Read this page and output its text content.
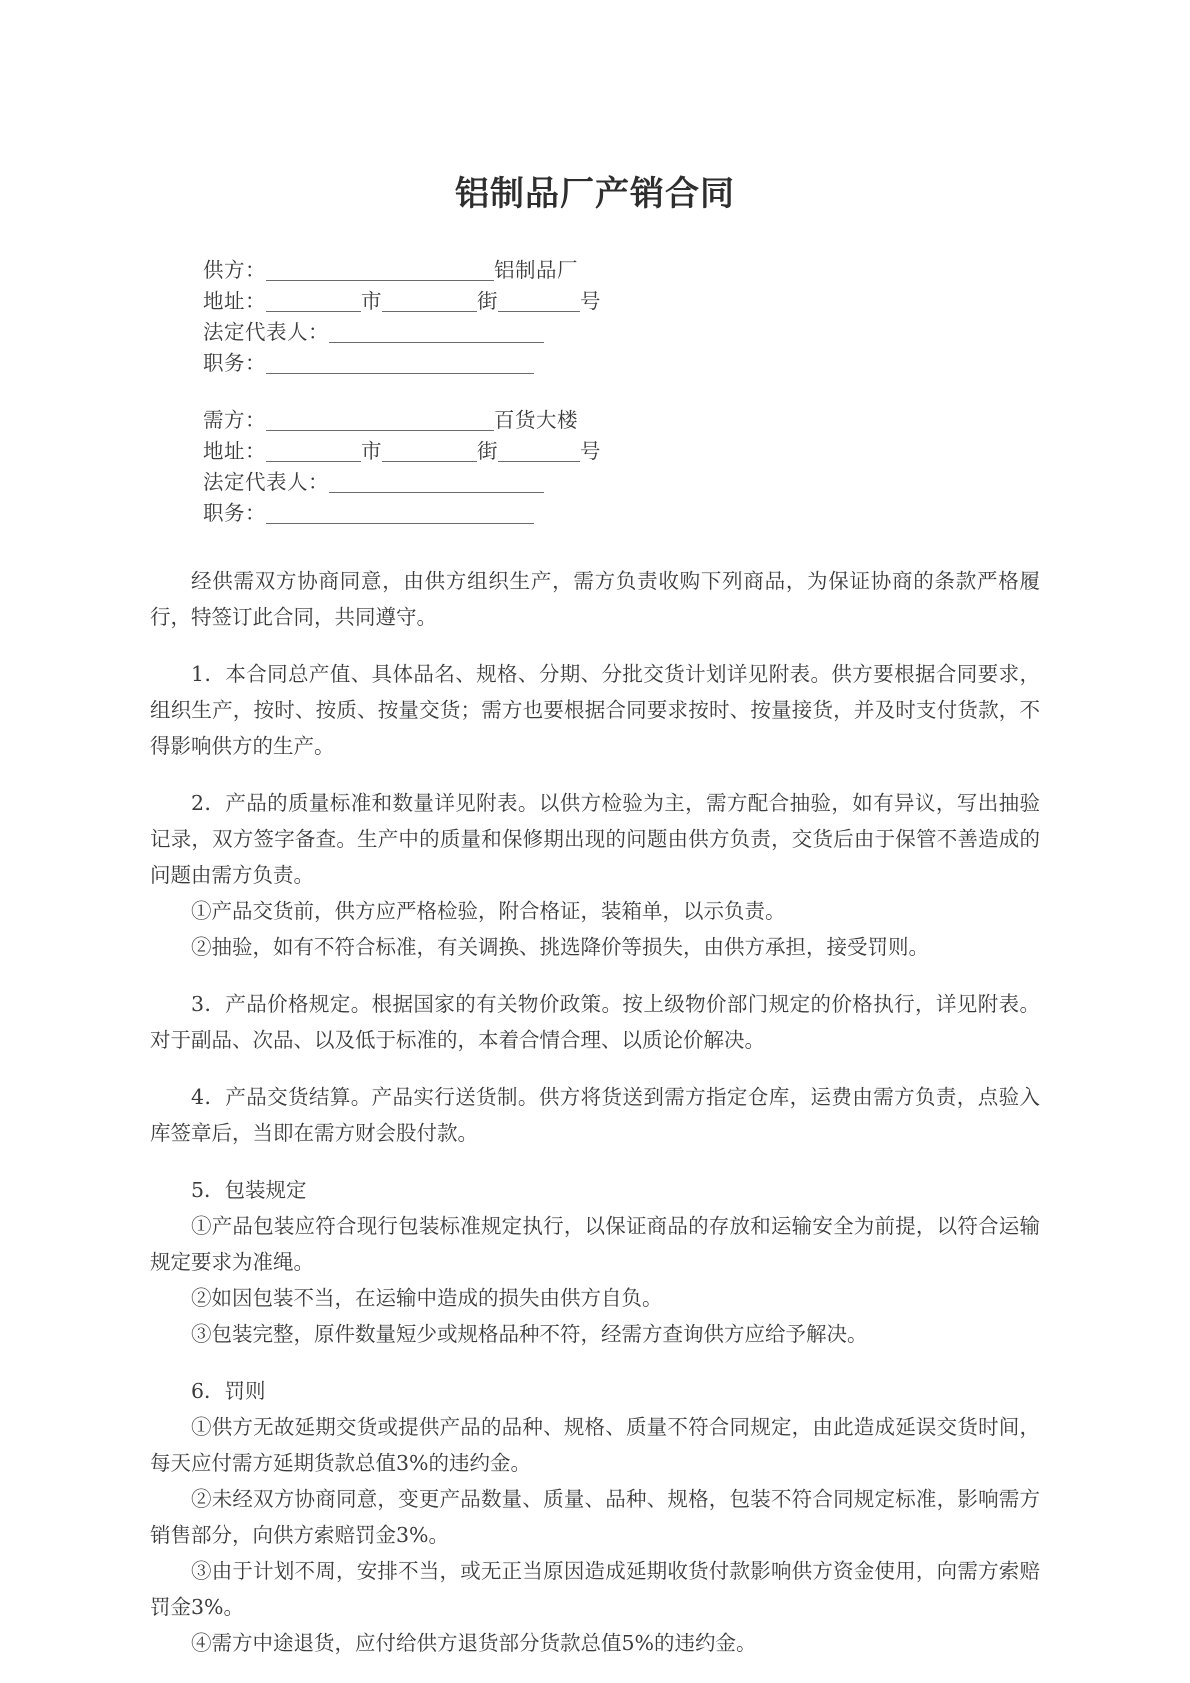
铝制品厂产销合同
供方：	铝制品厂
地址：	市	街	号
法定代表人：
职务：
需方：	百货大楼
地址：	市	街	号
法定代表人：
职务：

经供需双方协商同意，由供方组织生产，需方负责收购下列商品，为保证协商的条款严格履行，特签订此合同，共同遵守。

1．本合同总产值、具体品名、规格、分期、分批交货计划详见附表。供方要根据合同要求，组织生产，按时、按质、按量交货；需方也要根据合同要求按时、按量接货，并及时支付货款，不得影响供方的生产。

2．产品的质量标准和数量详见附表。以供方检验为主，需方配合抽验，如有异议，写出抽验记录，双方签字备查。生产中的质量和保修期出现的问题由供方负责，交货后由于保管不善造成的问题由需方负责。

①产品交货前，供方应严格检验，附合格证，装箱单，以示负责。

②抽验，如有不符合标准，有关调换、挑选降价等损失，由供方承担，接受罚则。

3．产品价格规定。根据国家的有关物价政策。按上级物价部门规定的价格执行，详见附表。对于副品、次品、以及低于标准的，本着合情合理、以质论价解决。

4．产品交货结算。产品实行送货制。供方将货送到需方指定仓库，运费由需方负责，点验入库签章后，当即在需方财会股付款。

5．包装规定

①产品包装应符合现行包装标准规定执行，以保证商品的存放和运输安全为前提，以符合运输规定要求为准绳。

②如因包装不当，在运输中造成的损失由供方自负。

③包装完整，原件数量短少或规格品种不符，经需方查询供方应给予解决。

6．罚则

①供方无故延期交货或提供产品的品种、规格、质量不符合同规定，由此造成延误交货时间，每天应付需方延期货款总值3%的违约金。

②未经双方协商同意，变更产品数量、质量、品种、规格，包装不符合同规定标准，影响需方销售部分，向供方索赔罚金3%。

③由于计划不周，安排不当，或无正当原因造成延期收货付款影响供方资金使用，向需方索赔罚金3%。

④需方中途退货，应付给供方退货部分货款总值5%的违约金。
